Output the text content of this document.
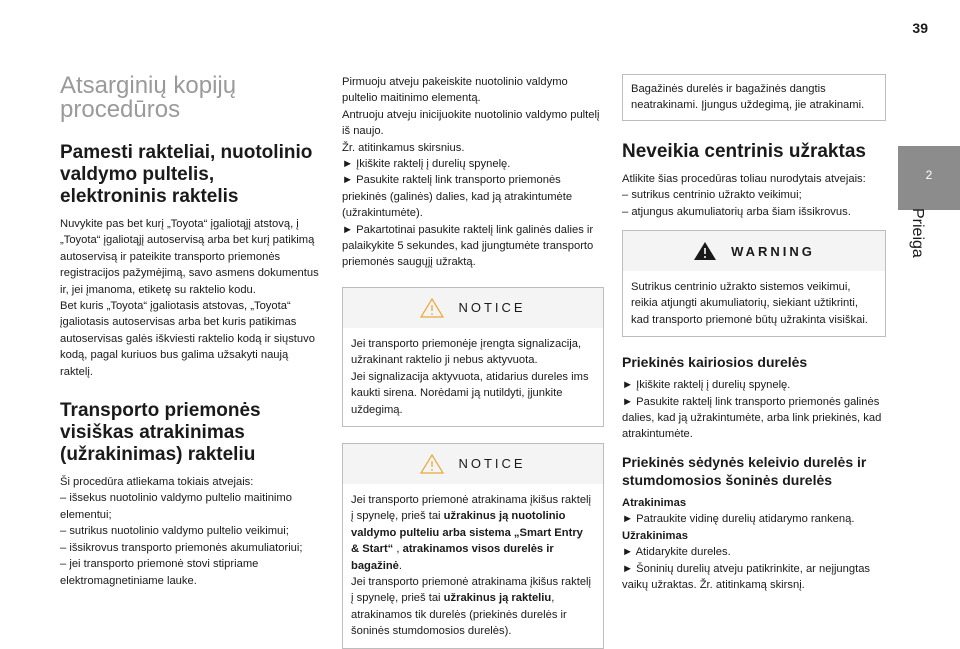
39
2
Prieiga
Atsarginių kopijų procedūros
Pamesti rakteliai, nuotolinio valdymo pultelis, elektroninis raktelis

Nuvykite pas bet kurį „Toyota“ įgaliotąjį atstovą, į „Toyota“ įgaliotąjį autoservisą arba bet kurį patikimą autoservisą ir pateikite transporto priemonės registracijos pažymėjimą, savo asmens dokumentus ir, jei įmanoma, etiketę su raktelio kodu.
Bet kuris „Toyota“ įgaliotasis atstovas, „Toyota“ įgaliotasis autoservisas arba bet kuris patikimas autoservisas galės iškviesti raktelio kodą ir siųstuvo kodą, pagal kuriuos bus galima užsakyti naują raktelį.

Transporto priemonės visiškas atrakinimas (užrakinimas) rakteliu

Ši procedūra atliekama tokiais atvejais:
– išsekus nuotolinio valdymo pultelio maitinimo elementui;
– sutrikus nuotolinio valdymo pultelio veikimui;
– išsikrovus transporto priemonės akumuliatoriui;
– jei transporto priemonė stovi stipriame elektromagnetiniame lauke.

Pirmuoju atveju pakeiskite nuotolinio valdymo pultelio maitinimo elementą.
Antruoju atveju inicijuokite nuotolinio valdymo pultelį iš naujo.
Žr. atitinkamus skirsnius.
► Įkiškite raktelį į durelių spynelę.
► Pasukite raktelį link transporto priemonės priekinės (galinės) dalies, kad ją atrakintumėte (užrakintumėte).
► Pakartotinai pasukite raktelį link galinės dalies ir palaikykite 5 sekundes, kad įjungtumėte transporto priemonės saugųjį užraktą.

NOTICE

Jei transporto priemonėje įrengta signalizacija, užrakinant raktelio ji nebus aktyvuota.
Jei signalizacija aktyvuota, atidarius dureles ims kaukti sirena. Norėdami ją nutildyti, įjunkite uždegimą.

NOTICE

Jei transporto priemonė atrakinama įkišus raktelį į spynelę, prieš tai užrakinus ją nuotolinio valdymo pulteliu arba sistema „Smart Entry & Start“ , atrakinamos visos durelės ir bagažinė.
Jei transporto priemonė atrakinama įkišus raktelį į spynelę, prieš tai užrakinus ją rakteliu, atrakinamos tik durelės (priekinės durelės ir šoninės stumdomosios durelės).

Bagažinės durelės ir bagažinės dangtis neatrakinami. Įjungus uždegimą, jie atrakinami.

Neveikia centrinis užraktas

Atlikite šias procedūras toliau nurodytais atvejais:
– sutrikus centrinio užrakto veikimui;
– atjungus akumuliatorių arba šiam išsikrovus.

WARNING

Sutrikus centrinio užrakto sistemos veikimui, reikia atjungti akumuliatorių, siekiant užtikrinti, kad transporto priemonė būtų užrakinta visiškai.

Priekinės kairiosios durelės

► Įkiškite raktelį į durelių spynelę.
► Pasukite raktelį link transporto priemonės galinės dalies, kad ją užrakintumėte, arba link priekinės, kad atrakintumėte.

Priekinės sėdynės keleivio durelės ir stumdomosios šoninės durelės

Atrakinimas

► Patraukite vidinę durelių atidarymo rankeną.

Užrakinimas

► Atidarykite dureles.
► Šoninių durelių atveju patikrinkite, ar neįjungtas vaikų užraktas. Žr. atitinkamą skirsnį.
